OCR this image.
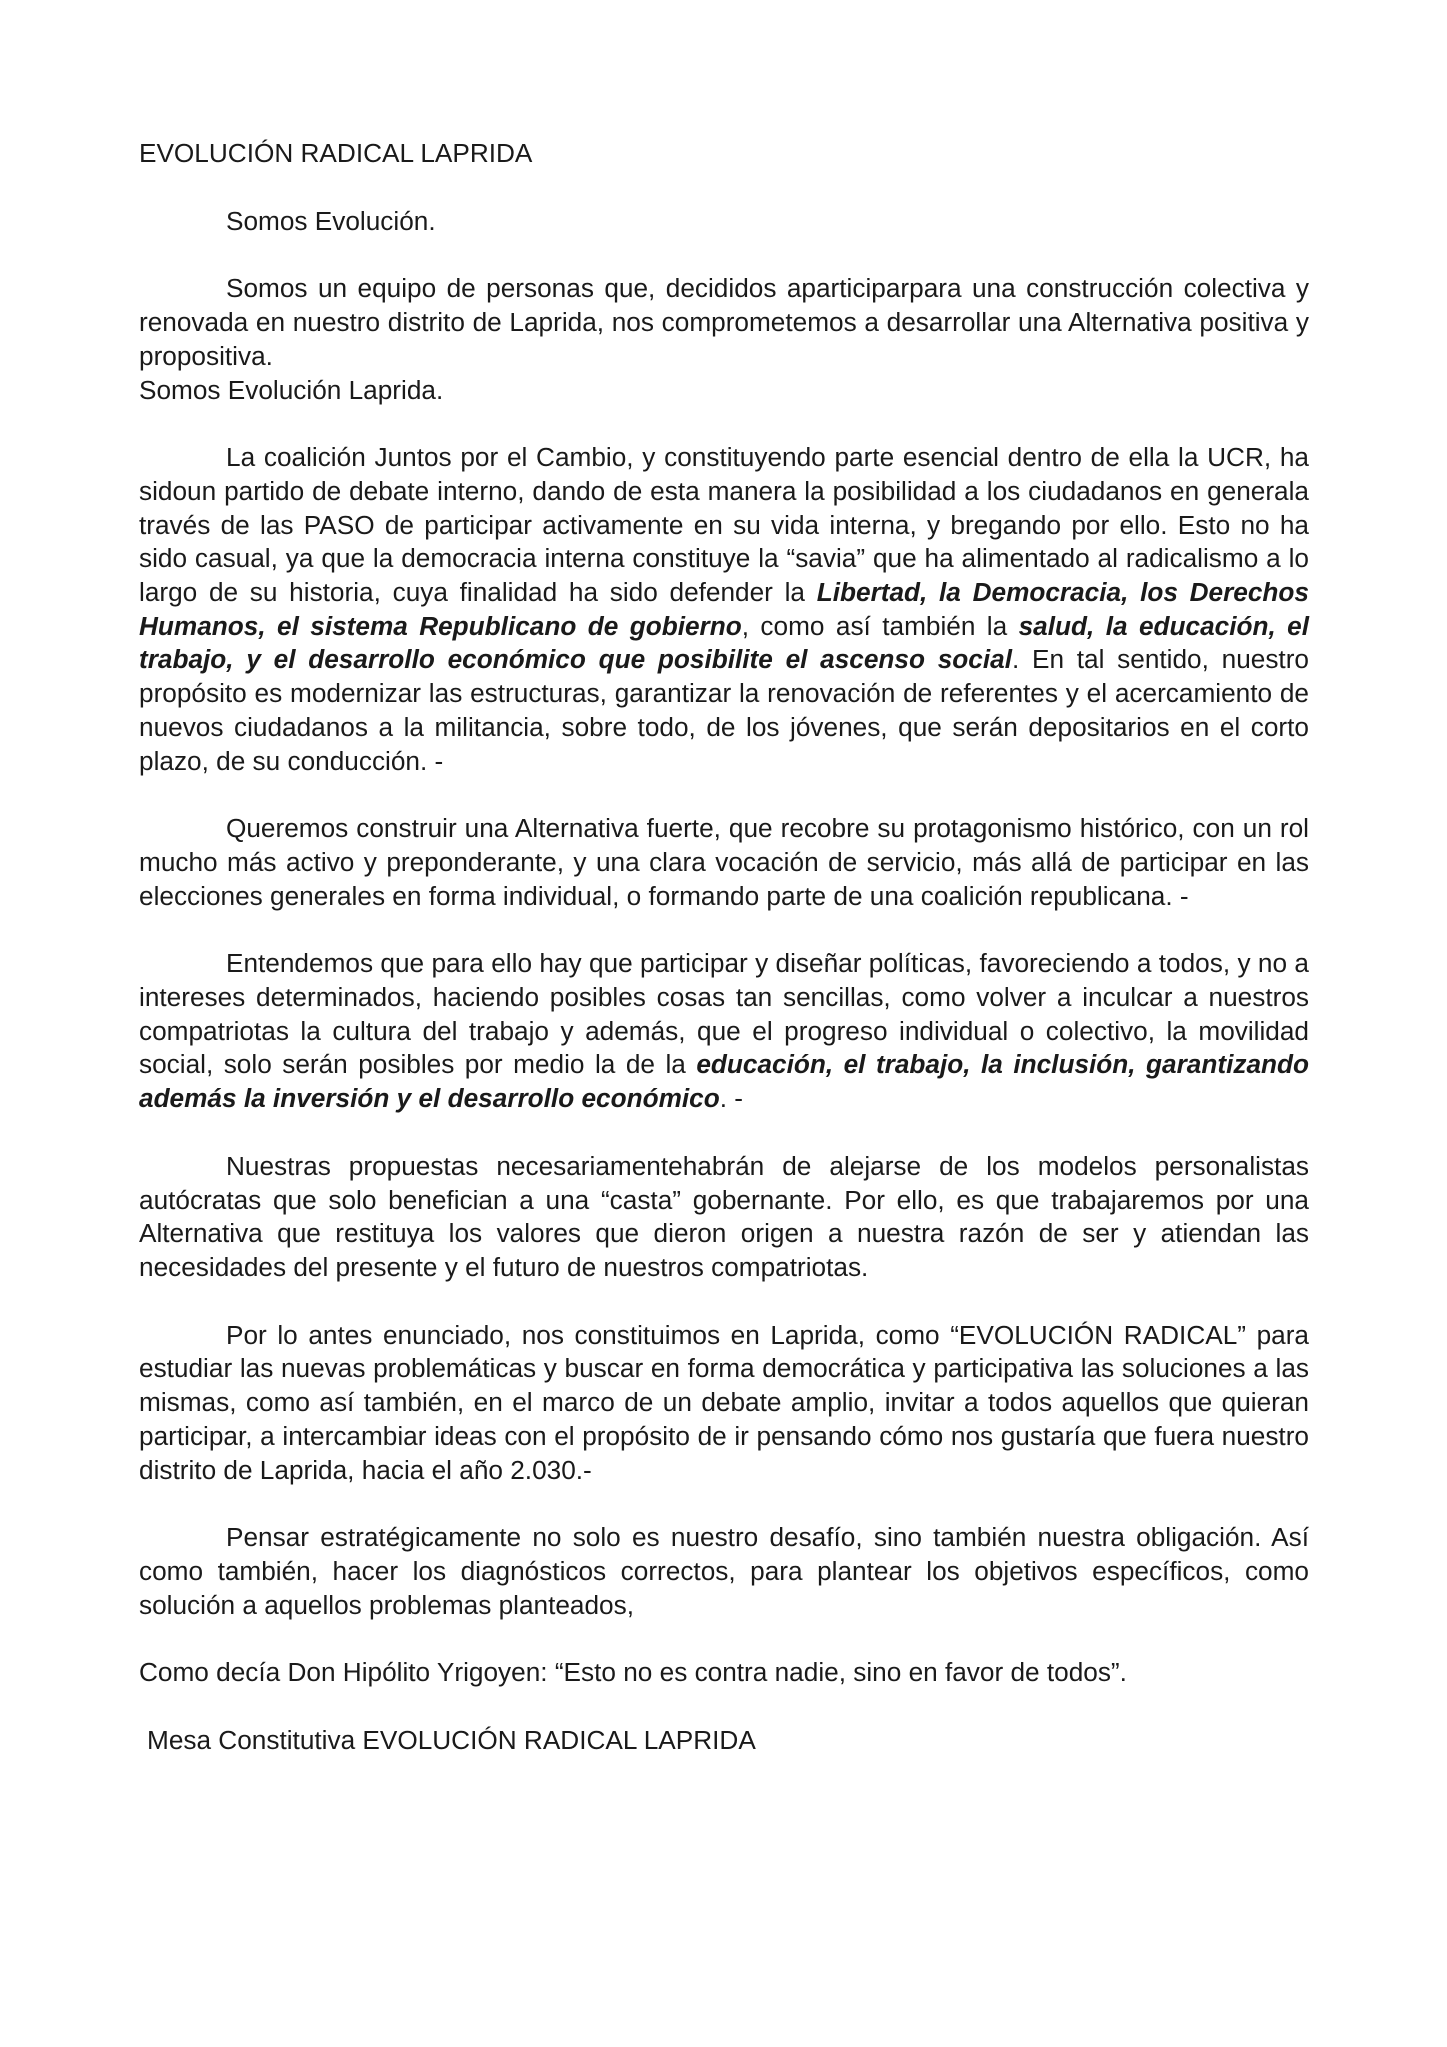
EVOLUCIÓN RADICAL LAPRIDA

Somos Evolución.

Somos un equipo de personas que, decididos aparticiparpara una construcción colectiva y renovada en nuestro distrito de Laprida, nos comprometemos a desarrollar una Alternativa positiva y propositiva.

Somos Evolución Laprida.

La coalición Juntos por el Cambio, y constituyendo parte esencial dentro de ella la UCR, ha sidoun partido de debate interno, dando de esta manera la posibilidad a los ciudadanos en generala través de las PASO de participar activamente en su vida interna, y bregando por ello. Esto no ha sido casual, ya que la democracia interna constituye la “savia” que ha alimentado al radicalismo a lo largo de su historia, cuya finalidad ha sido defender la Libertad, la Democracia, los Derechos Humanos, el sistema Republicano de gobierno, como así también la salud, la educación, el trabajo, y el desarrollo económico que posibilite el ascenso social. En tal sentido, nuestro propósito es modernizar las estructuras, garantizar la renovación de referentes y el acercamiento de nuevos ciudadanos a la militancia, sobre todo, de los jóvenes, que serán depositarios en el corto plazo, de su conducción. -

Queremos construir una Alternativa fuerte, que recobre su protagonismo histórico, con un rol mucho más activo y preponderante, y una clara vocación de servicio, más allá de participar en las elecciones generales en forma individual, o formando parte de una coalición republicana. -

Entendemos que para ello hay que participar y diseñar políticas, favoreciendo a todos, y no a intereses determinados, haciendo posibles cosas tan sencillas, como volver a inculcar a nuestros compatriotas la cultura del trabajo y además, que el progreso individual o colectivo, la movilidad social, solo serán posibles por medio la de la educación, el trabajo, la inclusión, garantizando además la inversión y el desarrollo económico. -

Nuestras propuestas necesariamentehabrán de alejarse de los modelos personalistas autócratas que solo benefician a una “casta” gobernante. Por ello, es que trabajaremos por una Alternativa que restituya los valores que dieron origen a nuestra razón de ser y atiendan las necesidades del presente y el futuro de nuestros compatriotas.

Por lo antes enunciado, nos constituimos en Laprida, como “EVOLUCIÓN RADICAL” para estudiar las nuevas problemáticas y buscar en forma democrática y participativa las soluciones a las mismas, como así también, en el marco de un debate amplio, invitar a todos aquellos que quieran participar, a intercambiar ideas con el propósito de ir pensando cómo nos gustaría que fuera nuestro distrito de Laprida, hacia el año 2.030.-

Pensar estratégicamente no solo es nuestro desafío, sino también nuestra obligación. Así como también, hacer los diagnósticos correctos, para plantear los objetivos específicos, como solución a aquellos problemas planteados,

Como decía Don Hipólito Yrigoyen: “Esto no es contra nadie, sino en favor de todos”.

Mesa Constitutiva EVOLUCIÓN RADICAL LAPRIDA
